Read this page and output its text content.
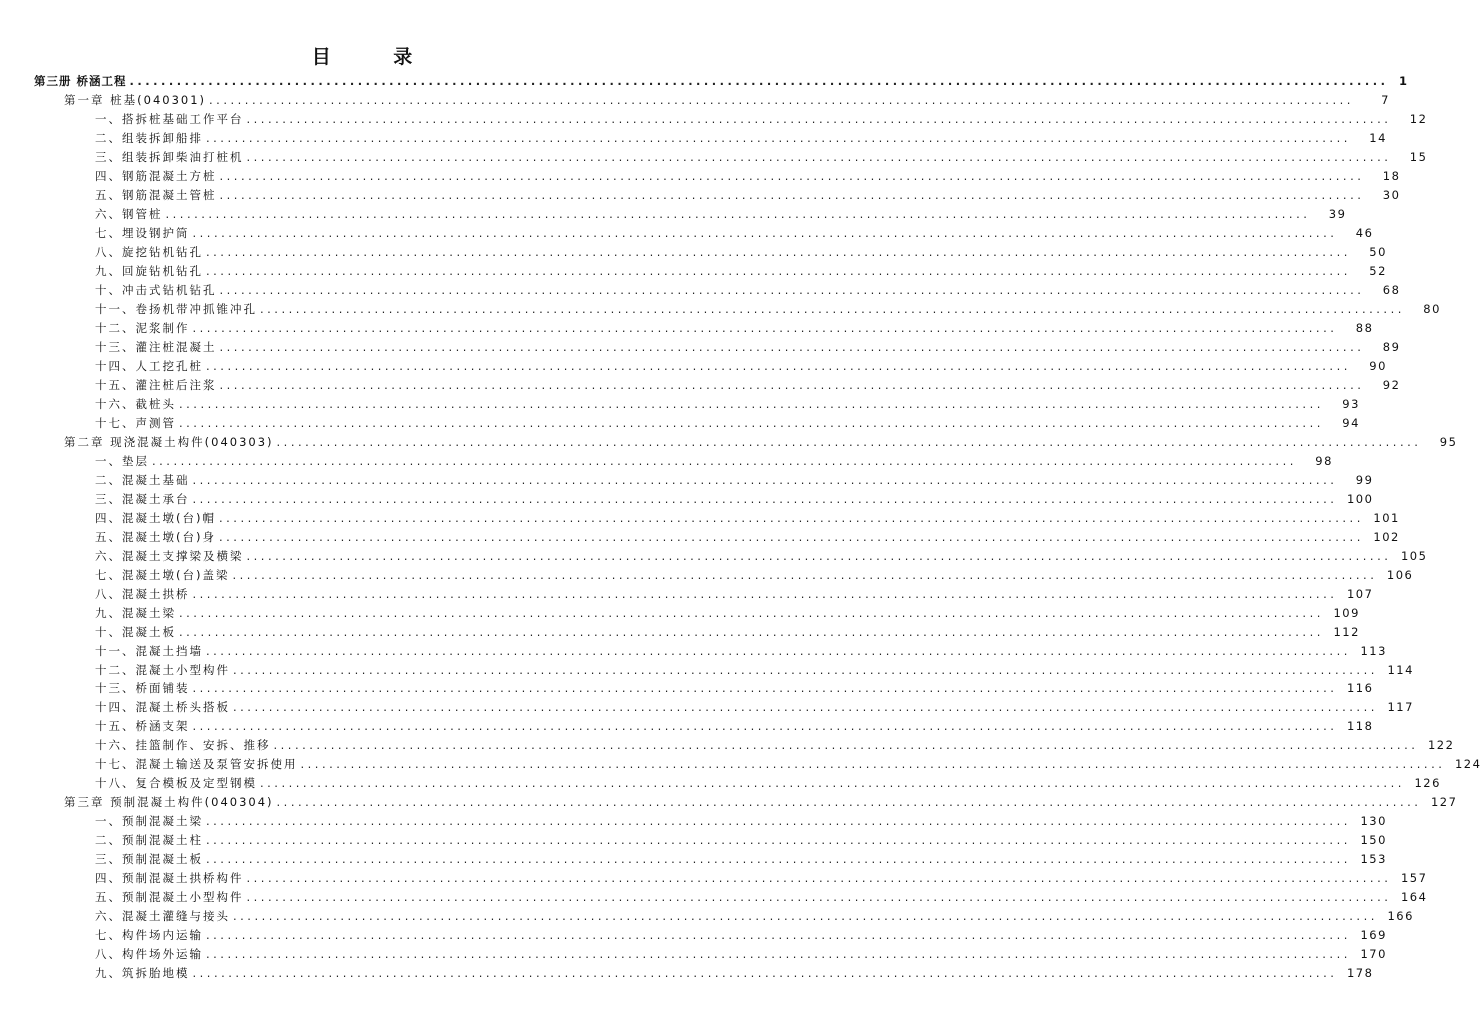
目 录
第三册 桥涵工程 ................................................................................................................................................................ 1
第一章 桩基(040301) ................................................................................................................................................................	7
一、搭拆桩基础工作平台 ................................................................................................................................................................	12
二、组装拆卸船排 ................................................................................................................................................................	14
三、组装拆卸柴油打桩机 ................................................................................................................................................................	15
四、钢筋混凝土方桩 ................................................................................................................................................................	18
五、钢筋混凝土管桩 ................................................................................................................................................................	30
六、钢管桩 ................................................................................................................................................................	39
七、埋设钢护筒 ................................................................................................................................................................	46
八、旋挖钻机钻孔 ................................................................................................................................................................	50
九、回旋钻机钻孔 ................................................................................................................................................................	52
十、冲击式钻机钻孔 ................................................................................................................................................................	68
十一、卷扬机带冲抓锥冲孔 ................................................................................................................................................................	80
十二、泥浆制作 ................................................................................................................................................................	88
十三、灌注桩混凝土 ................................................................................................................................................................	89
十四、人工挖孔桩 ................................................................................................................................................................	90
十五、灌注桩后注浆 ................................................................................................................................................................	92
十六、截桩头 ................................................................................................................................................................	93
十七、声测管 ................................................................................................................................................................	94
第二章 现浇混凝土构件(040303) ................................................................................................................................................................	95
一、垫层 ................................................................................................................................................................	98
二、混凝土基础 ................................................................................................................................................................	99
三、混凝土承台 ................................................................................................................................................................ 100
四、混凝土墩(台)帽 ................................................................................................................................................................ 101
五、混凝土墩(台)身 ................................................................................................................................................................ 102
六、混凝土支撑梁及横梁 ................................................................................................................................................................ 105
七、混凝土墩(台)盖梁 ................................................................................................................................................................ 106
八、混凝土拱桥 ................................................................................................................................................................ 107
九、混凝土梁 ................................................................................................................................................................ 109
十、混凝土板 ................................................................................................................................................................ 112
十一、混凝土挡墙 ................................................................................................................................................................ 113
十二、混凝土小型构件 ................................................................................................................................................................ 114
十三、桥面铺装 ................................................................................................................................................................ 116
十四、混凝土桥头搭板 ................................................................................................................................................................ 117
十五、桥涵支架 ................................................................................................................................................................ 118
十六、挂篮制作、安拆、推移 ................................................................................................................................................................ 122
十七、混凝土输送及泵管安拆使用 ................................................................................................................................................................ 124
十八、复合模板及定型钢模 ................................................................................................................................................................ 126
第三章 预制混凝土构件(040304) ................................................................................................................................................................ 127
一、预制混凝土梁 ................................................................................................................................................................ 130
二、预制混凝土柱 ................................................................................................................................................................ 150
三、预制混凝土板 ................................................................................................................................................................ 153
四、预制混凝土拱桥构件 ................................................................................................................................................................ 157
五、预制混凝土小型构件 ................................................................................................................................................................ 164
六、混凝土灌缝与接头 ................................................................................................................................................................ 166
七、构件场内运输 ................................................................................................................................................................ 169
八、构件场外运输 ................................................................................................................................................................ 170
九、筑拆胎地模 ................................................................................................................................................................ 178
